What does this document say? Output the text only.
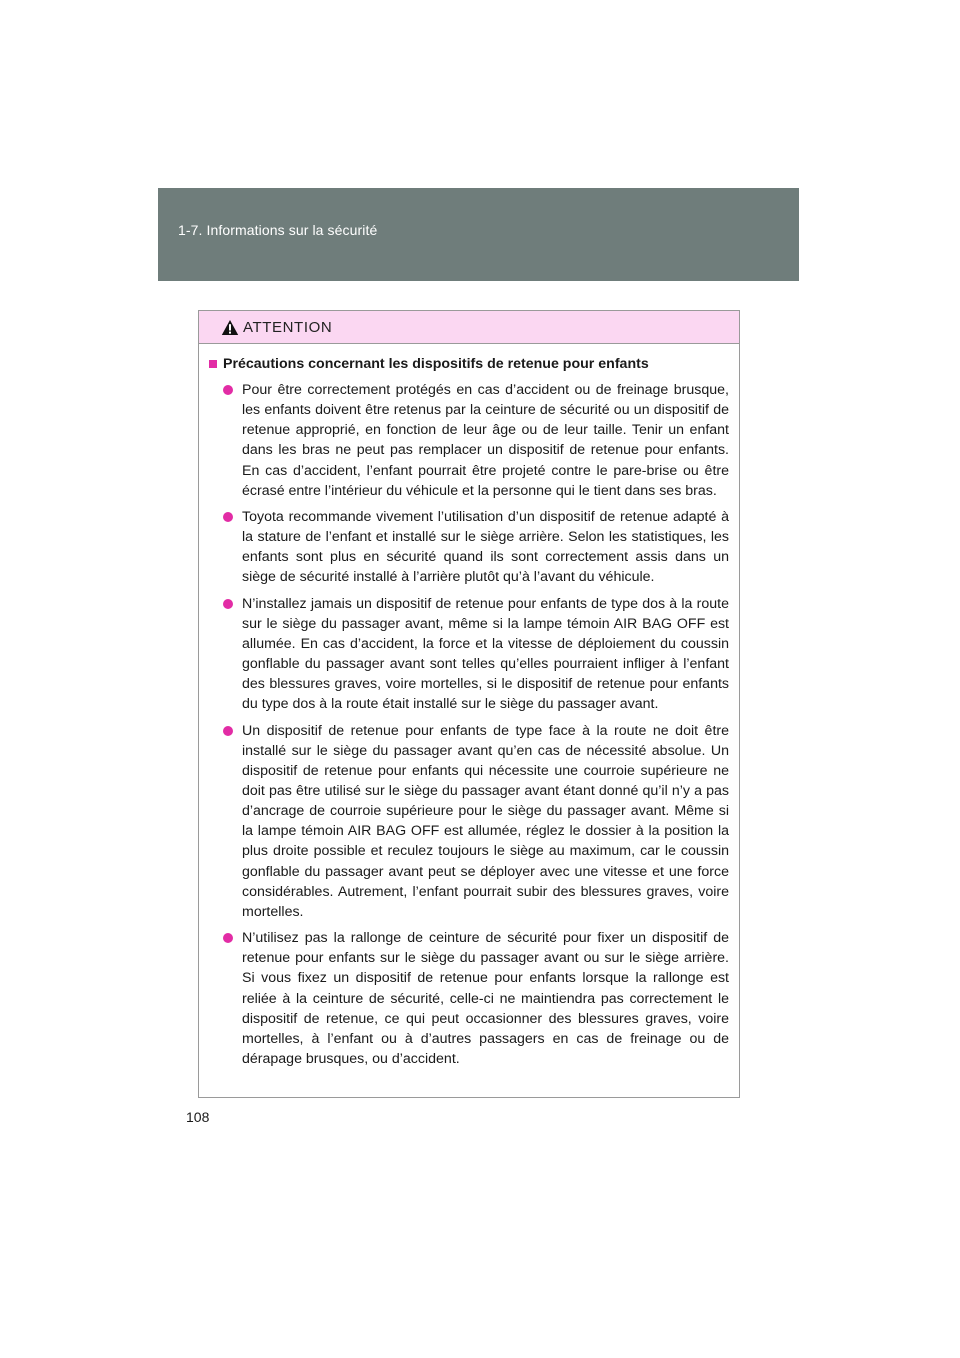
1-7. Informations sur la sécurité
ATTENTION
Précautions concernant les dispositifs de retenue pour enfants
Pour être correctement protégés en cas d’accident ou de freinage brusque, les enfants doivent être retenus par la ceinture de sécurité ou un dispositif de retenue approprié, en fonction de leur âge ou de leur taille. Tenir un enfant dans les bras ne peut pas remplacer un dispositif de retenue pour enfants. En cas d’accident, l’enfant pourrait être projeté contre le pare-brise ou être écrasé entre l’intérieur du véhicule et la personne qui le tient dans ses bras.
Toyota recommande vivement l’utilisation d’un dispositif de retenue adapté à la stature de l’enfant et installé sur le siège arrière. Selon les statistiques, les enfants sont plus en sécurité quand ils sont correctement assis dans un siège de sécurité installé à l’arrière plutôt qu’à l’avant du véhicule.
N’installez jamais un dispositif de retenue pour enfants de type dos à la route sur le siège du passager avant, même si la lampe témoin AIR BAG OFF est allumée. En cas d’accident, la force et la vitesse de déploiement du coussin gonflable du passager avant sont telles qu’elles pourraient infliger à l’enfant des blessures graves, voire mortelles, si le dispositif de retenue pour enfants du type dos à la route était installé sur le siège du passager avant.
Un dispositif de retenue pour enfants de type face à la route ne doit être installé sur le siège du passager avant qu’en cas de nécessité absolue. Un dispositif de retenue pour enfants qui nécessite une courroie supérieure ne doit pas être utilisé sur le siège du passager avant étant donné qu’il n’y a pas d’ancrage de courroie supérieure pour le siège du passager avant. Même si la lampe témoin AIR BAG OFF est allumée, réglez le dossier à la position la plus droite possible et reculez toujours le siège au maximum, car le coussin gonflable du passager avant peut se déployer avec une vitesse et une force considérables. Autrement, l’enfant pourrait subir des blessures graves, voire mortelles.
N’utilisez pas la rallonge de ceinture de sécurité pour fixer un dispositif de retenue pour enfants sur le siège du passager avant ou sur le siège arrière. Si vous fixez un dispositif de retenue pour enfants lorsque la rallonge est reliée à la ceinture de sécurité, celle-ci ne maintiendra pas correctement le dispositif de retenue, ce qui peut occasionner des blessures graves, voire mortelles, à l’enfant ou à d’autres passagers en cas de freinage ou de dérapage brusques, ou d’accident.
108
